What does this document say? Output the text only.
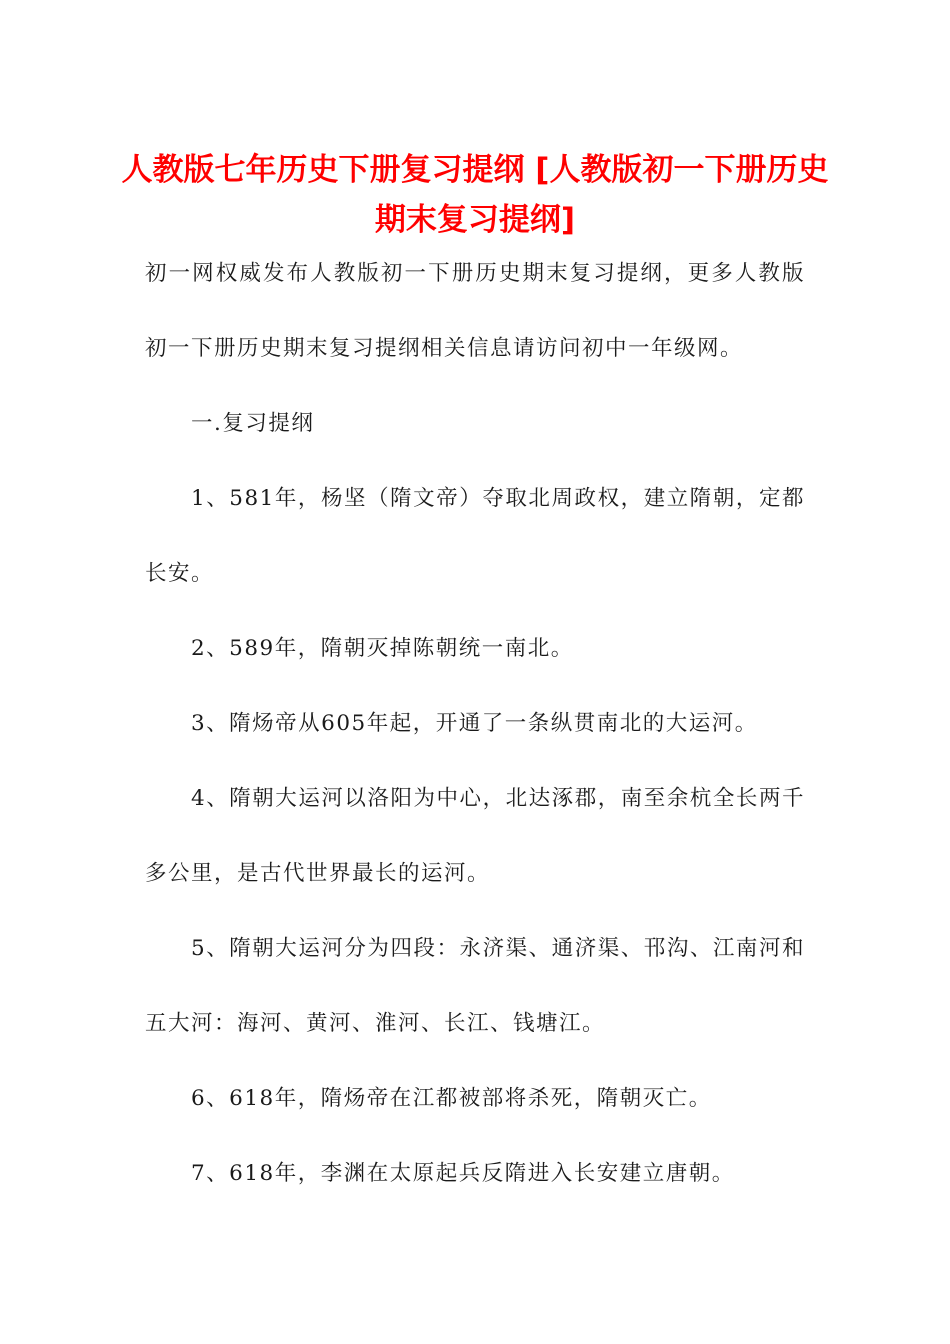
人教版七年历史下册复习提纲 [人教版初一下册历史期末复习提纲]

初一网权威发布人教版初一下册历史期末复习提纲，更多人教版初一下册历史期末复习提纲相关信息请访问初中一年级网。

一.复习提纲

1、581年，杨坚（隋文帝）夺取北周政权，建立隋朝，定都长安。

2、589年，隋朝灭掉陈朝统一南北。

3、隋炀帝从605年起，开通了一条纵贯南北的大运河。

4、隋朝大运河以洛阳为中心，北达涿郡，南至余杭全长两千多公里，是古代世界最长的运河。

5、隋朝大运河分为四段：永济渠、通济渠、邗沟、江南河和五大河：海河、黄河、淮河、长江、钱塘江。

6、618年，隋炀帝在江都被部将杀死，隋朝灭亡。

7、618年，李渊在太原起兵反隋进入长安建立唐朝。
